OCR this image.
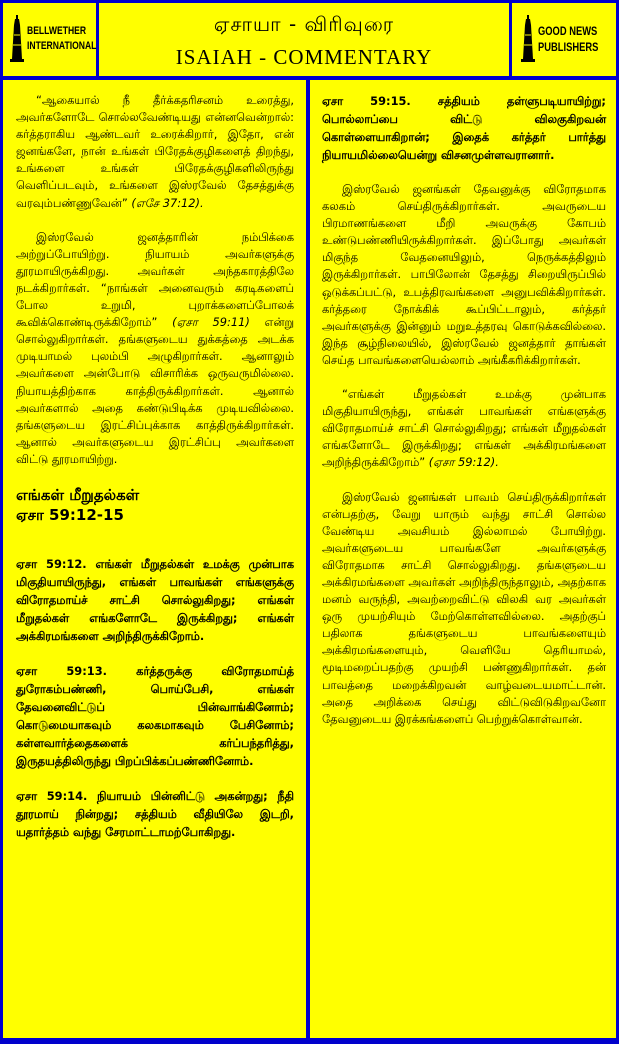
BELLWETHER
INTERNATIONAL
ஏசாயா - விரிவுரை
ISAIAH - COMMENTARY
GOOD NEWS
PUBLISHERS

“ஆகையால் நீ தீர்க்கதரிசனம் உரைத்து, அவர்களோடே சொல்லவேண்டியது என்னவென்றால்: கர்த்தராகிய ஆண்டவர் உரைக்கிறார், இதோ, என் ஜனங்களே, நான் உங்கள் பிரேதக்குழிகளைத் திறந்து, உங்களை உங்கள் பிரேதக்குழிகளிலிருந்து வெளிப்படவும், உங்களை இஸ்ரவேல் தேசத்துக்கு வரவும்பண்ணுவேன்” (எசே 37:12).

இஸ்ரவேல் ஜனத்தாரின் நம்பிக்கை அற்றுப்போயிற்று. நியாயம் அவர்களுக்கு தூரமாயிருக்கிறது. அவர்கள் அந்தகாரத்திலே நடக்கிறார்கள். “நாங்கள் அனைவரும் கரடிகளைப் போல உறுமி, புறாக்களைப்போலக் கூவிக்கொண்டிருக்கிறோம்” (ஏசா 59:11) என்று சொல்லுகிறார்கள். தங்களுடைய துக்கத்தை அடக்க முடியாமல் புலம்பி அழுகிறார்கள். ஆனாலும் அவர்களை அன்போடு விசாரிக்க ஒருவருமில்லை. நியாயத்திற்காக காத்திருக்கிறார்கள். ஆனால் அவர்களால் அதை கண்டுபிடிக்க முடியவில்லை. தங்களுடைய இரட்சிப்புக்காக காத்திருக்கிறார்கள். ஆனால் அவர்களுடைய இரட்சிப்பு அவர்களை விட்டு தூரமாயிற்று.

எங்கள் மீறுதல்கள்
ஏசா 59:12-15

ஏசா 59:12. எங்கள் மீறுதல்கள் உமக்கு முன்பாக மிகுதியாயிருந்து, எங்கள் பாவங்கள் எங்களுக்கு விரோதமாய்ச் சாட்சி சொல்லுகிறது; எங்கள் மீறுதல்கள் எங்களோடே இருக்கிறது; எங்கள் அக்கிரமங்களை அறிந்திருக்கிறோம்.

ஏசா 59:13. கர்த்தருக்கு விரோதமாய்த் துரோகம்பண்ணி, பொய்பேசி, எங்கள் தேவனைவிட்டுப் பின்வாங்கினோம்; கொடுமையாகவும் கலகமாகவும் பேசினோம்; கள்ளவார்த்தைகளைக் கர்ப்பந்தரித்து, இருதயத்திலிருந்து பிறப்பிக்கப்பண்ணினோம்.

ஏசா 59:14. நியாயம் பின்னிட்டு அகன்றது; நீதி தூரமாய் நின்றது; சத்தியம் வீதியிலே இடறி, யதார்த்தம் வந்து சேரமாட்டாமற்போகிறது.

ஏசா 59:15. சத்தியம் தள்ளுபடியாயிற்று; பொல்லாப்பை விட்டு விலகுகிறவன் கொள்ளையாகிறான்; இதைக் கர்த்தர் பார்த்து நியாயமில்லையென்று விசனமுள்ளவரானார்.

இஸ்ரவேல் ஜனங்கள் தேவனுக்கு விரோதமாக கலகம் செய்திருக்கிறார்கள். அவருடைய பிரமாணங்களை மீறி அவருக்கு கோபம் உண்டுபண்ணியிருக்கிறார்கள். இப்போது அவர்கள் மிகுந்த வேதனையிலும், நெருக்கத்திலும் இருக்கிறார்கள். பாபிலோன் தேசத்து சிறையிருப்பில் ஒடுக்கப்பட்டு, உபத்திரவங்களை அனுபவிக்கிறார்கள். கர்த்தரை நோக்கிக் கூப்பிட்டாலும், கர்த்தர் அவர்களுக்கு இன்னும் மறுஉத்தரவு கொடுக்கவில்லை. இந்த சூழ்நிலையில், இஸ்ரவேல் ஜனத்தார் தாங்கள் செய்த பாவங்களையெல்லாம் அங்கீகரிக்கிறார்கள்.

“எங்கள் மீறுதல்கள் உமக்கு முன்பாக மிகுதியாயிருந்து, எங்கள் பாவங்கள் எங்களுக்கு விரோதமாய்ச் சாட்சி சொல்லுகிறது; எங்கள் மீறுதல்கள் எங்களோடே இருக்கிறது; எங்கள் அக்கிரமங்களை அறிந்திருக்கிறோம்” (ஏசா 59:12).

இஸ்ரவேல் ஜனங்கள் பாவம் செய்திருக்கிறார்கள் என்பதற்கு, வேறு யாரும் வந்து சாட்சி சொல்ல வேண்டிய அவசியம் இல்லாமல் போயிற்று. அவர்களுடைய பாவங்களே அவர்களுக்கு விரோதமாக சாட்சி சொல்லுகிறது. தங்களுடைய அக்கிரமங்களை அவர்கள் அறிந்திருந்தாலும், அதற்காக மனம் வருந்தி, அவற்றைவிட்டு விலகி வர அவர்கள் ஒரு முயற்சியும் மேற்கொள்ளவில்லை. அதற்குப் பதிலாக தங்களுடைய பாவங்களையும் அக்கிரமங்களையும், வெளியே தெரியாமல், மூடிமறைப்பதற்கு முயற்சி பண்ணுகிறார்கள். தன் பாவத்தை மறைக்கிறவன் வாழ்வடையமாட்டான். அதை அறிக்கை செய்து விட்டுவிடுகிறவனோ தேவனுடைய இரக்கங்களைப் பெற்றுக்கொள்வான்.
